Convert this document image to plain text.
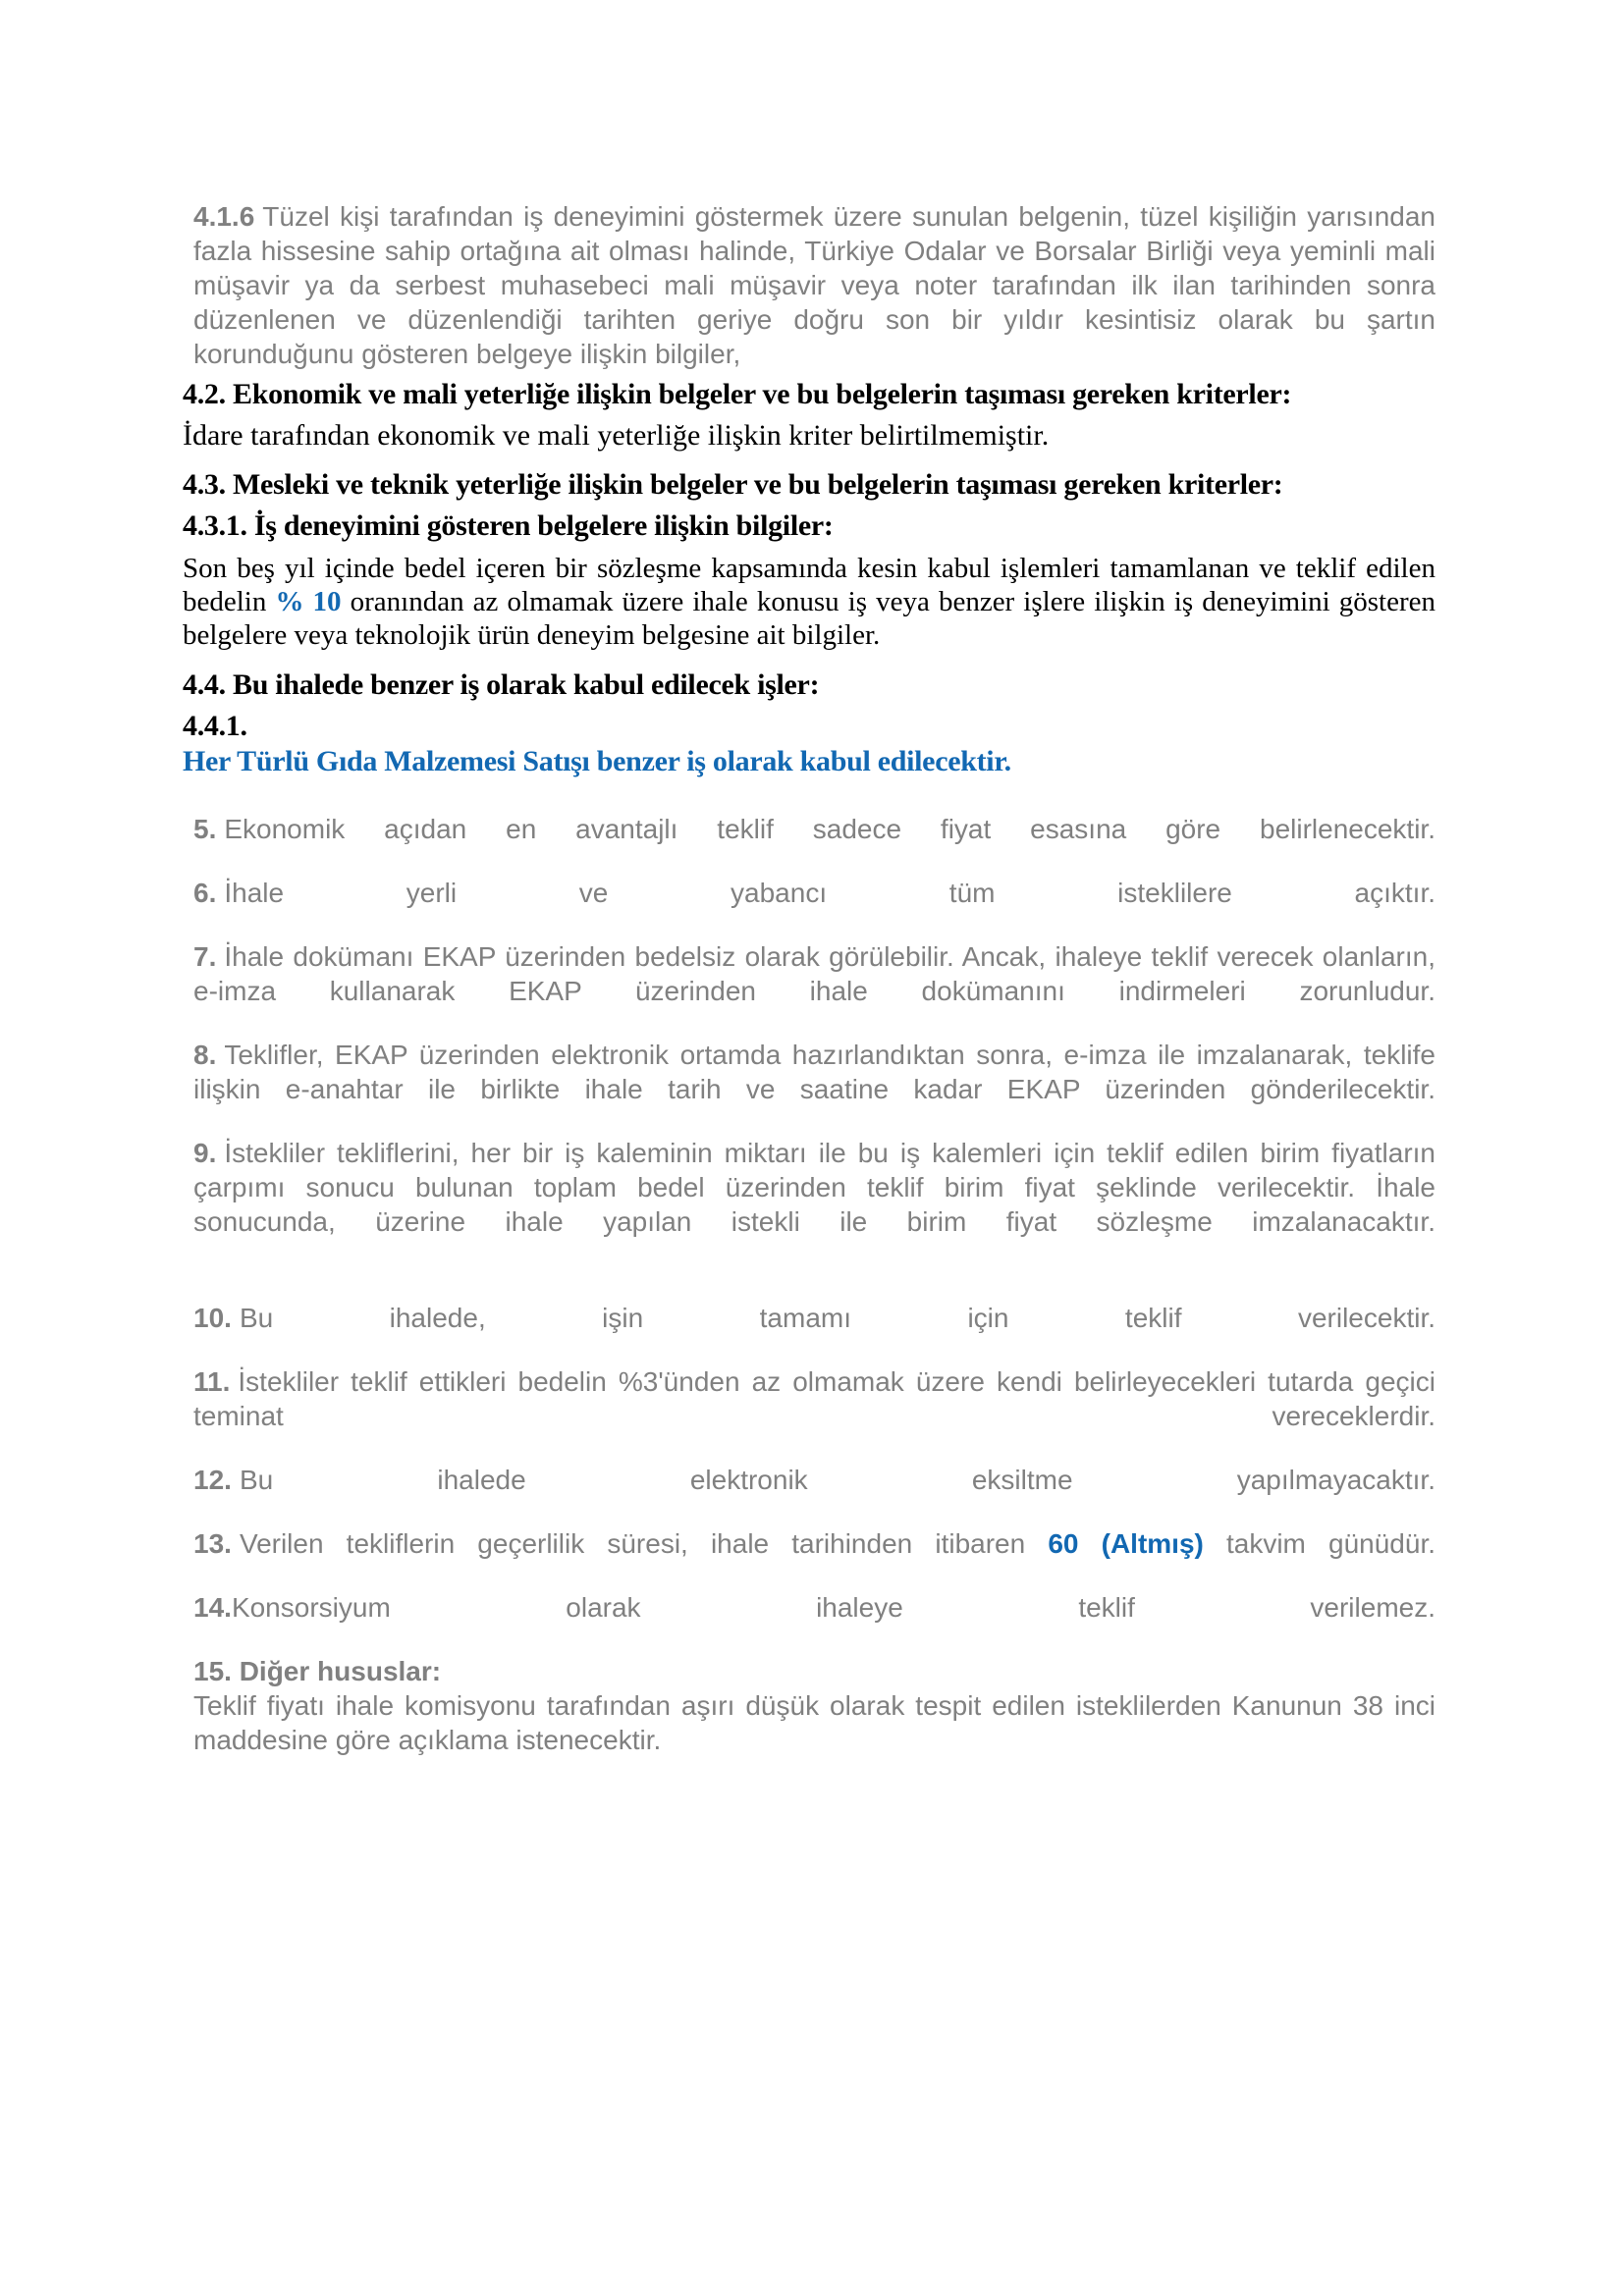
4.1.6 Tüzel kişi tarafından iş deneyimini göstermek üzere sunulan belgenin, tüzel kişiliğin yarısından fazla hissesine sahip ortağına ait olması halinde, Türkiye Odalar ve Borsalar Birliği veya yeminli mali müşavir ya da serbest muhasebeci mali müşavir veya noter tarafından ilk ilan tarihinden sonra düzenlenen ve düzenlendiği tarihten geriye doğru son bir yıldır kesintisiz olarak bu şartın korunduğunu gösteren belgeye ilişkin bilgiler,

4.2. Ekonomik ve mali yeterliğe ilişkin belgeler ve bu belgelerin taşıması gereken kriterler:

İdare tarafından ekonomik ve mali yeterliğe ilişkin kriter belirtilmemiştir.

4.3. Mesleki ve teknik yeterliğe ilişkin belgeler ve bu belgelerin taşıması gereken kriterler:

4.3.1. İş deneyimini gösteren belgelere ilişkin bilgiler:

Son beş yıl içinde bedel içeren bir sözleşme kapsamında kesin kabul işlemleri tamamlanan ve teklif edilen bedelin % 10 oranından az olmamak üzere ihale konusu iş veya benzer işlere ilişkin iş deneyimini gösteren belgelere veya teknolojik ürün deneyim belgesine ait bilgiler.

4.4. Bu ihalede benzer iş olarak kabul edilecek işler:

4.4.1.

Her Türlü Gıda Malzemesi Satışı benzer iş olarak kabul edilecektir.

5. Ekonomik açıdan en avantajlı teklif sadece fiyat esasına göre belirlenecektir.

6. İhale yerli ve yabancı tüm isteklilere açıktır.

7. İhale dokümanı EKAP üzerinden bedelsiz olarak görülebilir. Ancak, ihaleye teklif verecek olanların, e-imza kullanarak EKAP üzerinden ihale dokümanını indirmeleri zorunludur.

8. Teklifler, EKAP üzerinden elektronik ortamda hazırlandıktan sonra, e-imza ile imzalanarak, teklife ilişkin e-anahtar ile birlikte ihale tarih ve saatine kadar EKAP üzerinden gönderilecektir.

9. İstekliler tekliflerini, her bir iş kaleminin miktarı ile bu iş kalemleri için teklif edilen birim fiyatların çarpımı sonucu bulunan toplam bedel üzerinden teklif birim fiyat şeklinde verilecektir. İhale sonucunda, üzerine ihale yapılan istekli ile birim fiyat sözleşme imzalanacaktır.

10. Bu ihalede, işin tamamı için teklif verilecektir.

11. İstekliler teklif ettikleri bedelin %3'ünden az olmamak üzere kendi belirleyecekleri tutarda geçici teminat vereceklerdir.

12. Bu ihalede elektronik eksiltme yapılmayacaktır.

13. Verilen tekliflerin geçerlilik süresi, ihale tarihinden itibaren 60 (Altmış) takvim günüdür.

14.Konsorsiyum olarak ihaleye teklif verilemez.

15. Diğer hususlar:

Teklif fiyatı ihale komisyonu tarafından aşırı düşük olarak tespit edilen isteklilerden Kanunun 38 inci maddesine göre açıklama istenecektir.
